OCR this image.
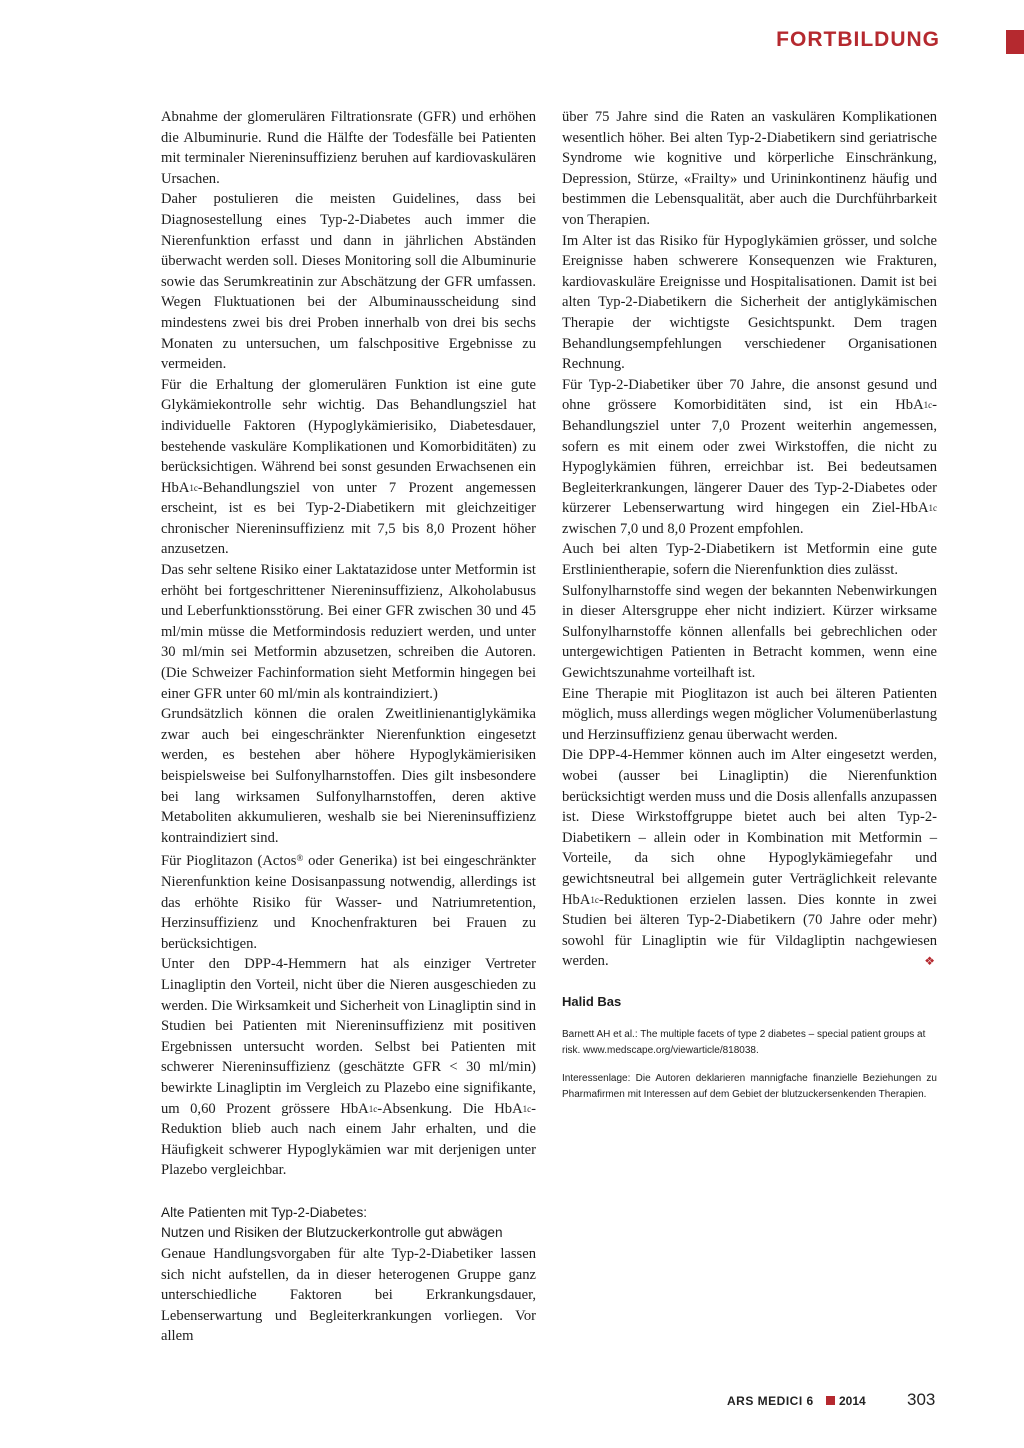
FORTBILDUNG

Abnahme der glomerulären Filtrationsrate (GFR) und erhöhen die Albuminurie. Rund die Hälfte der Todesfälle bei Patienten mit terminaler Niereninsuffizienz beruhen auf kardiovaskulären Ursachen.

Daher postulieren die meisten Guidelines, dass bei Diagnosestellung eines Typ-2-Diabetes auch immer die Nierenfunktion erfasst und dann in jährlichen Abständen überwacht werden soll. Dieses Monitoring soll die Albuminurie sowie das Serumkreatinin zur Abschätzung der GFR umfassen. Wegen Fluktuationen bei der Albuminausscheidung sind mindestens zwei bis drei Proben innerhalb von drei bis sechs Monaten zu untersuchen, um falschpositive Ergebnisse zu vermeiden.

Für die Erhaltung der glomerulären Funktion ist eine gute Glykämiekontrolle sehr wichtig. Das Behandlungsziel hat individuelle Faktoren (Hypoglykämierisiko, Diabetesdauer, bestehende vaskuläre Komplikationen und Komorbiditäten) zu berücksichtigen. Während bei sonst gesunden Erwachsenen ein HbA1c-Behandlungsziel von unter 7 Prozent angemessen erscheint, ist es bei Typ-2-Diabetikern mit gleichzeitiger chronischer Niereninsuffizienz mit 7,5 bis 8,0 Prozent höher anzusetzen.

Das sehr seltene Risiko einer Laktatazidose unter Metformin ist erhöht bei fortgeschrittener Niereninsuffizienz, Alkoholabusus und Leberfunktionsstörung. Bei einer GFR zwischen 30 und 45 ml/min müsse die Metformindosis reduziert werden, und unter 30 ml/min sei Metformin abzusetzen, schreiben die Autoren. (Die Schweizer Fachinformation sieht Metformin hingegen bei einer GFR unter 60 ml/min als kontraindiziert.)

Grundsätzlich können die oralen Zweitlinienantiglykämika zwar auch bei eingeschränkter Nierenfunktion eingesetzt werden, es bestehen aber höhere Hypoglykämierisiken beispielsweise bei Sulfonylharnstoffen. Dies gilt insbesondere bei lang wirksamen Sulfonylharnstoffen, deren aktive Metaboliten akkumulieren, weshalb sie bei Niereninsuffizienz kontraindiziert sind.

Für Pioglitazon (Actos® oder Generika) ist bei eingeschränkter Nierenfunktion keine Dosisanpassung notwendig, allerdings ist das erhöhte Risiko für Wasser- und Natriumretention, Herzinsuffizienz und Knochenfrakturen bei Frauen zu berücksichtigen.

Unter den DPP-4-Hemmern hat als einziger Vertreter Linagliptin den Vorteil, nicht über die Nieren ausgeschieden zu werden. Die Wirksamkeit und Sicherheit von Linagliptin sind in Studien bei Patienten mit Niereninsuffizienz mit positiven Ergebnissen untersucht worden. Selbst bei Patienten mit schwerer Niereninsuffizienz (geschätzte GFR < 30 ml/min) bewirkte Linagliptin im Vergleich zu Plazebo eine signifikante, um 0,60 Prozent grössere HbA1c-Absenkung. Die HbA1c-Reduktion blieb auch nach einem Jahr erhalten, und die Häufigkeit schwerer Hypoglykämien war mit derjenigen unter Plazebo vergleichbar.

Alte Patienten mit Typ-2-Diabetes:
Nutzen und Risiken der Blutzuckerkontrolle gut abwägen

Genaue Handlungsvorgaben für alte Typ-2-Diabetiker lassen sich nicht aufstellen, da in dieser heterogenen Gruppe ganz unterschiedliche Faktoren bei Erkrankungsdauer, Lebenserwartung und Begleiterkrankungen vorliegen. Vor allem

über 75 Jahre sind die Raten an vaskulären Komplikationen wesentlich höher. Bei alten Typ-2-Diabetikern sind geriatrische Syndrome wie kognitive und körperliche Einschränkung, Depression, Stürze, «Frailty» und Urininkontinenz häufig und bestimmen die Lebensqualität, aber auch die Durchführbarkeit von Therapien.

Im Alter ist das Risiko für Hypoglykämien grösser, und solche Ereignisse haben schwerere Konsequenzen wie Frakturen, kardiovaskuläre Ereignisse und Hospitalisationen. Damit ist bei alten Typ-2-Diabetikern die Sicherheit der antiglykämischen Therapie der wichtigste Gesichtspunkt. Dem tragen Behandlungsempfehlungen verschiedener Organisationen Rechnung.

Für Typ-2-Diabetiker über 70 Jahre, die ansonst gesund und ohne grössere Komorbiditäten sind, ist ein HbA1c-Behandlungsziel unter 7,0 Prozent weiterhin angemessen, sofern es mit einem oder zwei Wirkstoffen, die nicht zu Hypoglykämien führen, erreichbar ist. Bei bedeutsamen Begleiterkrankungen, längerer Dauer des Typ-2-Diabetes oder kürzerer Lebenserwartung wird hingegen ein Ziel-HbA1c zwischen 7,0 und 8,0 Prozent empfohlen.

Auch bei alten Typ-2-Diabetikern ist Metformin eine gute Erstlinientherapie, sofern die Nierenfunktion dies zulässt.

Sulfonylharnstoffe sind wegen der bekannten Nebenwirkungen in dieser Altersgruppe eher nicht indiziert. Kürzer wirksame Sulfonylharnstoffe können allenfalls bei gebrechlichen oder untergewichtigen Patienten in Betracht kommen, wenn eine Gewichtszunahme vorteilhaft ist.

Eine Therapie mit Pioglitazon ist auch bei älteren Patienten möglich, muss allerdings wegen möglicher Volumenüberlastung und Herzinsuffizienz genau überwacht werden.

Die DPP-4-Hemmer können auch im Alter eingesetzt werden, wobei (ausser bei Linagliptin) die Nierenfunktion berücksichtigt werden muss und die Dosis allenfalls anzupassen ist. Diese Wirkstoffgruppe bietet auch bei alten Typ-2-Diabetikern – allein oder in Kombination mit Metformin – Vorteile, da sich ohne Hypoglykämiegefahr und gewichtsneutral bei allgemein guter Verträglichkeit relevante HbA1c-Reduktionen erzielen lassen. Dies konnte in zwei Studien bei älteren Typ-2-Diabetikern (70 Jahre oder mehr) sowohl für Linagliptin wie für Vildagliptin nachgewiesen werden.	❖

Halid Bas

Barnett AH et al.: The multiple facets of type 2 diabetes – special patient groups at risk. www.medscape.org/viewarticle/818038.

Interessenlage: Die Autoren deklarieren mannigfache finanzielle Beziehungen zu Pharmafirmen mit Interessen auf dem Gebiet der blutzuckersenkenden Therapien.

ARS MEDICI 6 2014 303
